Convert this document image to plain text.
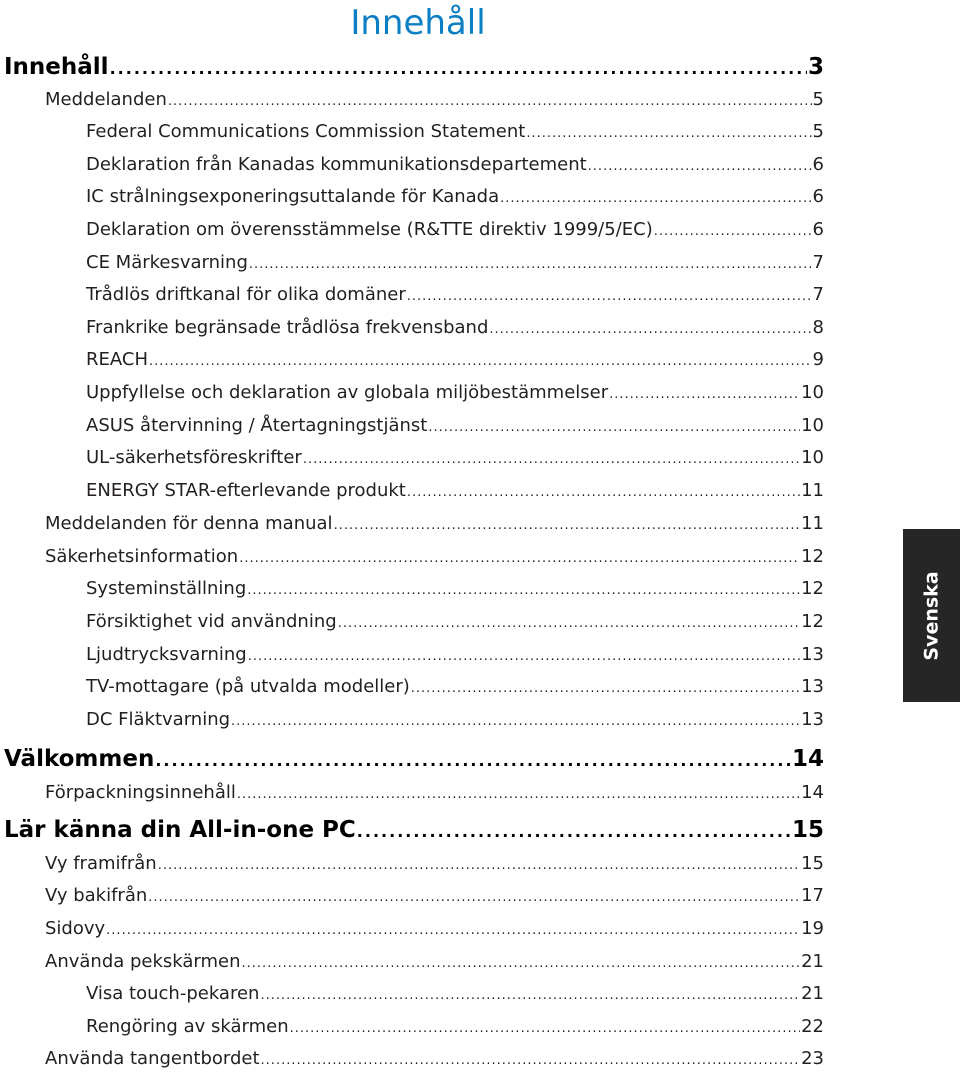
Innehåll
Innehåll .....	3
Meddelanden .....	5
Federal Communications Commission Statement .....	5
Deklaration från Kanadas kommunikationsdepartement .....	6
IC strålningsexponeringsuttalande för Kanada .....	6
Deklaration om överensstämmelse (R&TTE direktiv 1999/5/EC) .....	6
CE Märkesvarning .....	7
Trådlös driftkanal för olika domäner .....	7
Frankrike begränsade trådlösa frekvensband .....	8
REACH .....	9
Uppfyllelse och deklaration av globala miljöbestämmelser .....	10
ASUS återvinning / Återtagningstjänst .....	10
UL-säkerhetsföreskrifter .....	10
ENERGY STAR-efterlevande produkt .....	11
Meddelanden för denna manual .....	11
Säkerhetsinformation .....	12
Systeminställning .....	12
Försiktighet vid användning .....	12
Ljudtrycksvarning .....	13
TV-mottagare (på utvalda modeller) .....	13
DC Fläktvarning .....	13
Välkommen .....	14
Förpackningsinnehåll .....	14
Lär känna din All-in-one PC .....	15
Vy framifrån .....	15
Vy bakifrån .....	17
Sidovy .....	19
Använda pekskärmen .....	21
Visa touch-pekaren .....	21
Rengöring av skärmen .....	22
Använda tangentbordet .....	23
Svenska
